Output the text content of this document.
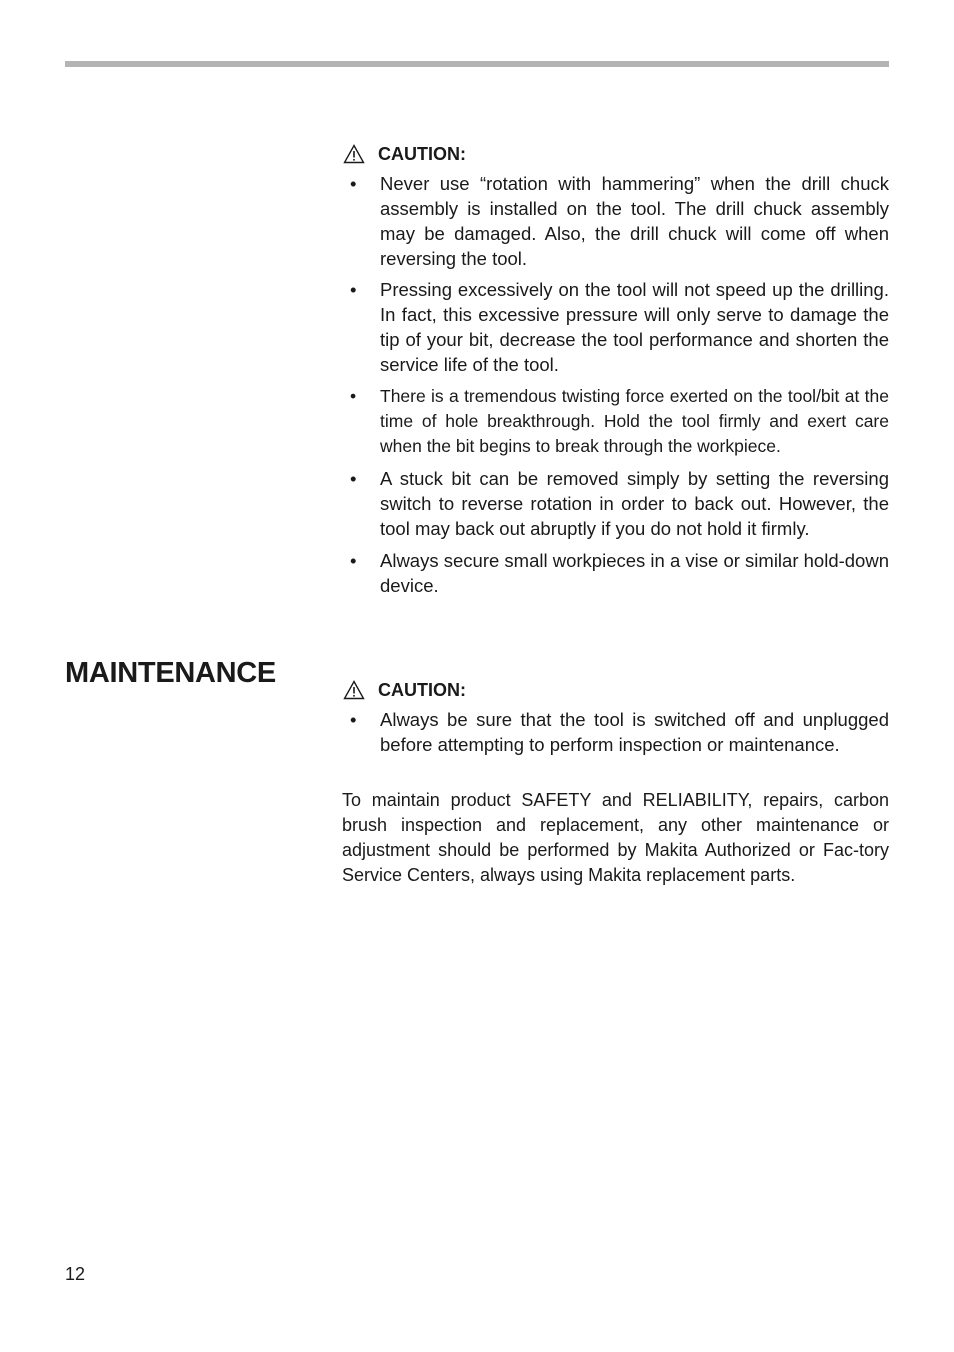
CAUTION:
• Never use “rotation with hammering” when the drill chuck assembly is installed on the tool. The drill chuck assembly may be damaged. Also, the drill chuck will come off when reversing the tool.
• Pressing excessively on the tool will not speed up the drilling. In fact, this excessive pressure will only serve to damage the tip of your bit, decrease the tool performance and shorten the service life of the tool.
• There is a tremendous twisting force exerted on the tool/bit at the time of hole breakthrough. Hold the tool firmly and exert care when the bit begins to break through the workpiece.
• A stuck bit can be removed simply by setting the reversing switch to reverse rotation in order to back out. However, the tool may back out abruptly if you do not hold it firmly.
• Always secure small workpieces in a vise or similar hold-down device.
MAINTENANCE
CAUTION:
• Always be sure that the tool is switched off and unplugged before attempting to perform inspection or maintenance.

To maintain product SAFETY and RELIABILITY, repairs, carbon brush inspection and replacement, any other maintenance or adjustment should be performed by Makita Authorized or Fac-tory Service Centers, always using Makita replacement parts.

12
